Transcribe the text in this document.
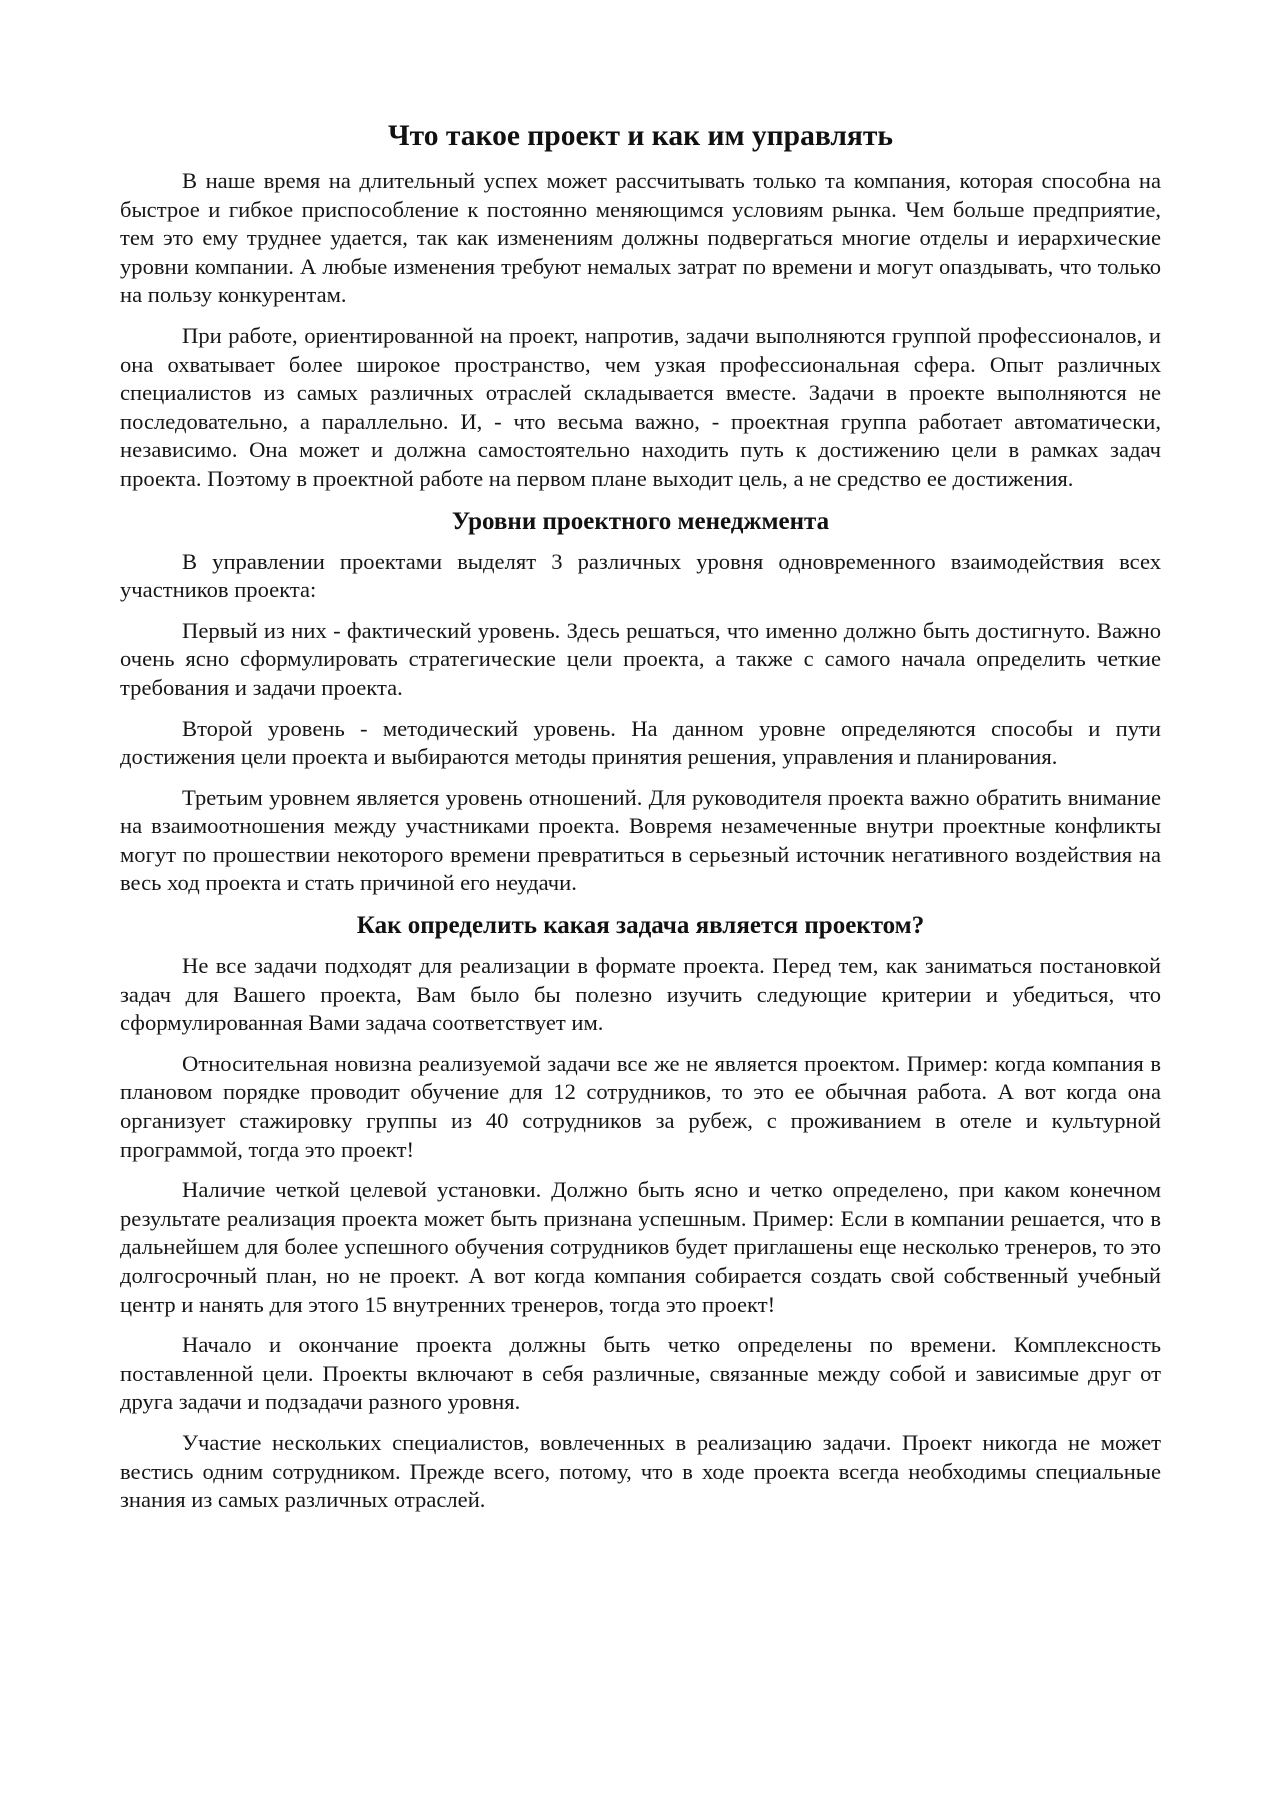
Что такое проект и как им управлять

В наше время на длительный успех может рассчитывать только та компания, которая способна на быстрое и гибкое приспособление к постоянно меняющимся условиям рынка. Чем больше предприятие, тем это ему труднее удается, так как изменениям должны подвергаться многие отделы и иерархические уровни компании. А любые изменения требуют немалых затрат по времени и могут опаздывать, что только на пользу конкурентам.

При работе, ориентированной на проект, напротив, задачи выполняются группой профессионалов, и она охватывает более широкое пространство, чем узкая профессиональная сфера. Опыт различных специалистов из самых различных отраслей складывается вместе. Задачи в проекте выполняются не последовательно, а параллельно. И, - что весьма важно, - проектная группа работает автоматически, независимо. Она может и должна самостоятельно находить путь к достижению цели в рамках задач проекта. Поэтому в проектной работе на первом плане выходит цель, а не средство ее достижения.

Уровни проектного менеджмента

В управлении проектами выделят 3 различных уровня одновременного взаимодействия всех участников проекта:

Первый из них - фактический уровень. Здесь решаться, что именно должно быть достигнуто. Важно очень ясно сформулировать стратегические цели проекта, а также с самого начала определить четкие требования и задачи проекта.

Второй уровень - методический уровень. На данном уровне определяются способы и пути достижения цели проекта и выбираются методы принятия решения, управления и планирования.

Третьим уровнем является уровень отношений. Для руководителя проекта важно обратить внимание на взаимоотношения между участниками проекта. Вовремя незамеченные внутри проектные конфликты могут по прошествии некоторого времени превратиться в серьезный источник негативного воздействия на весь ход проекта и стать причиной его неудачи.

Как определить какая задача является проектом?

Не все задачи подходят для реализации в формате проекта. Перед тем, как заниматься постановкой задач для Вашего проекта, Вам было бы полезно изучить следующие критерии и убедиться, что сформулированная Вами задача соответствует им.

Относительная новизна реализуемой задачи все же не является проектом. Пример: когда компания в плановом порядке проводит обучение для 12 сотрудников, то это ее обычная работа. А вот когда она организует стажировку группы из 40 сотрудников за рубеж, с проживанием в отеле и культурной программой, тогда это проект!

Наличие четкой целевой установки. Должно быть ясно и четко определено, при каком конечном результате реализация проекта может быть признана успешным. Пример: Если в компании решается, что в дальнейшем для более успешного обучения сотрудников будет приглашены еще несколько тренеров, то это долгосрочный план, но не проект. А вот когда компания собирается создать свой собственный учебный центр и нанять для этого 15 внутренних тренеров, тогда это проект!

Начало и окончание проекта должны быть четко определены по времени. Комплексность поставленной цели. Проекты включают в себя различные, связанные между собой и зависимые друг от друга задачи и подзадачи разного уровня.

Участие нескольких специалистов, вовлеченных в реализацию задачи. Проект никогда не может вестись одним сотрудником. Прежде всего, потому, что в ходе проекта всегда необходимы специальные знания из самых различных отраслей.
